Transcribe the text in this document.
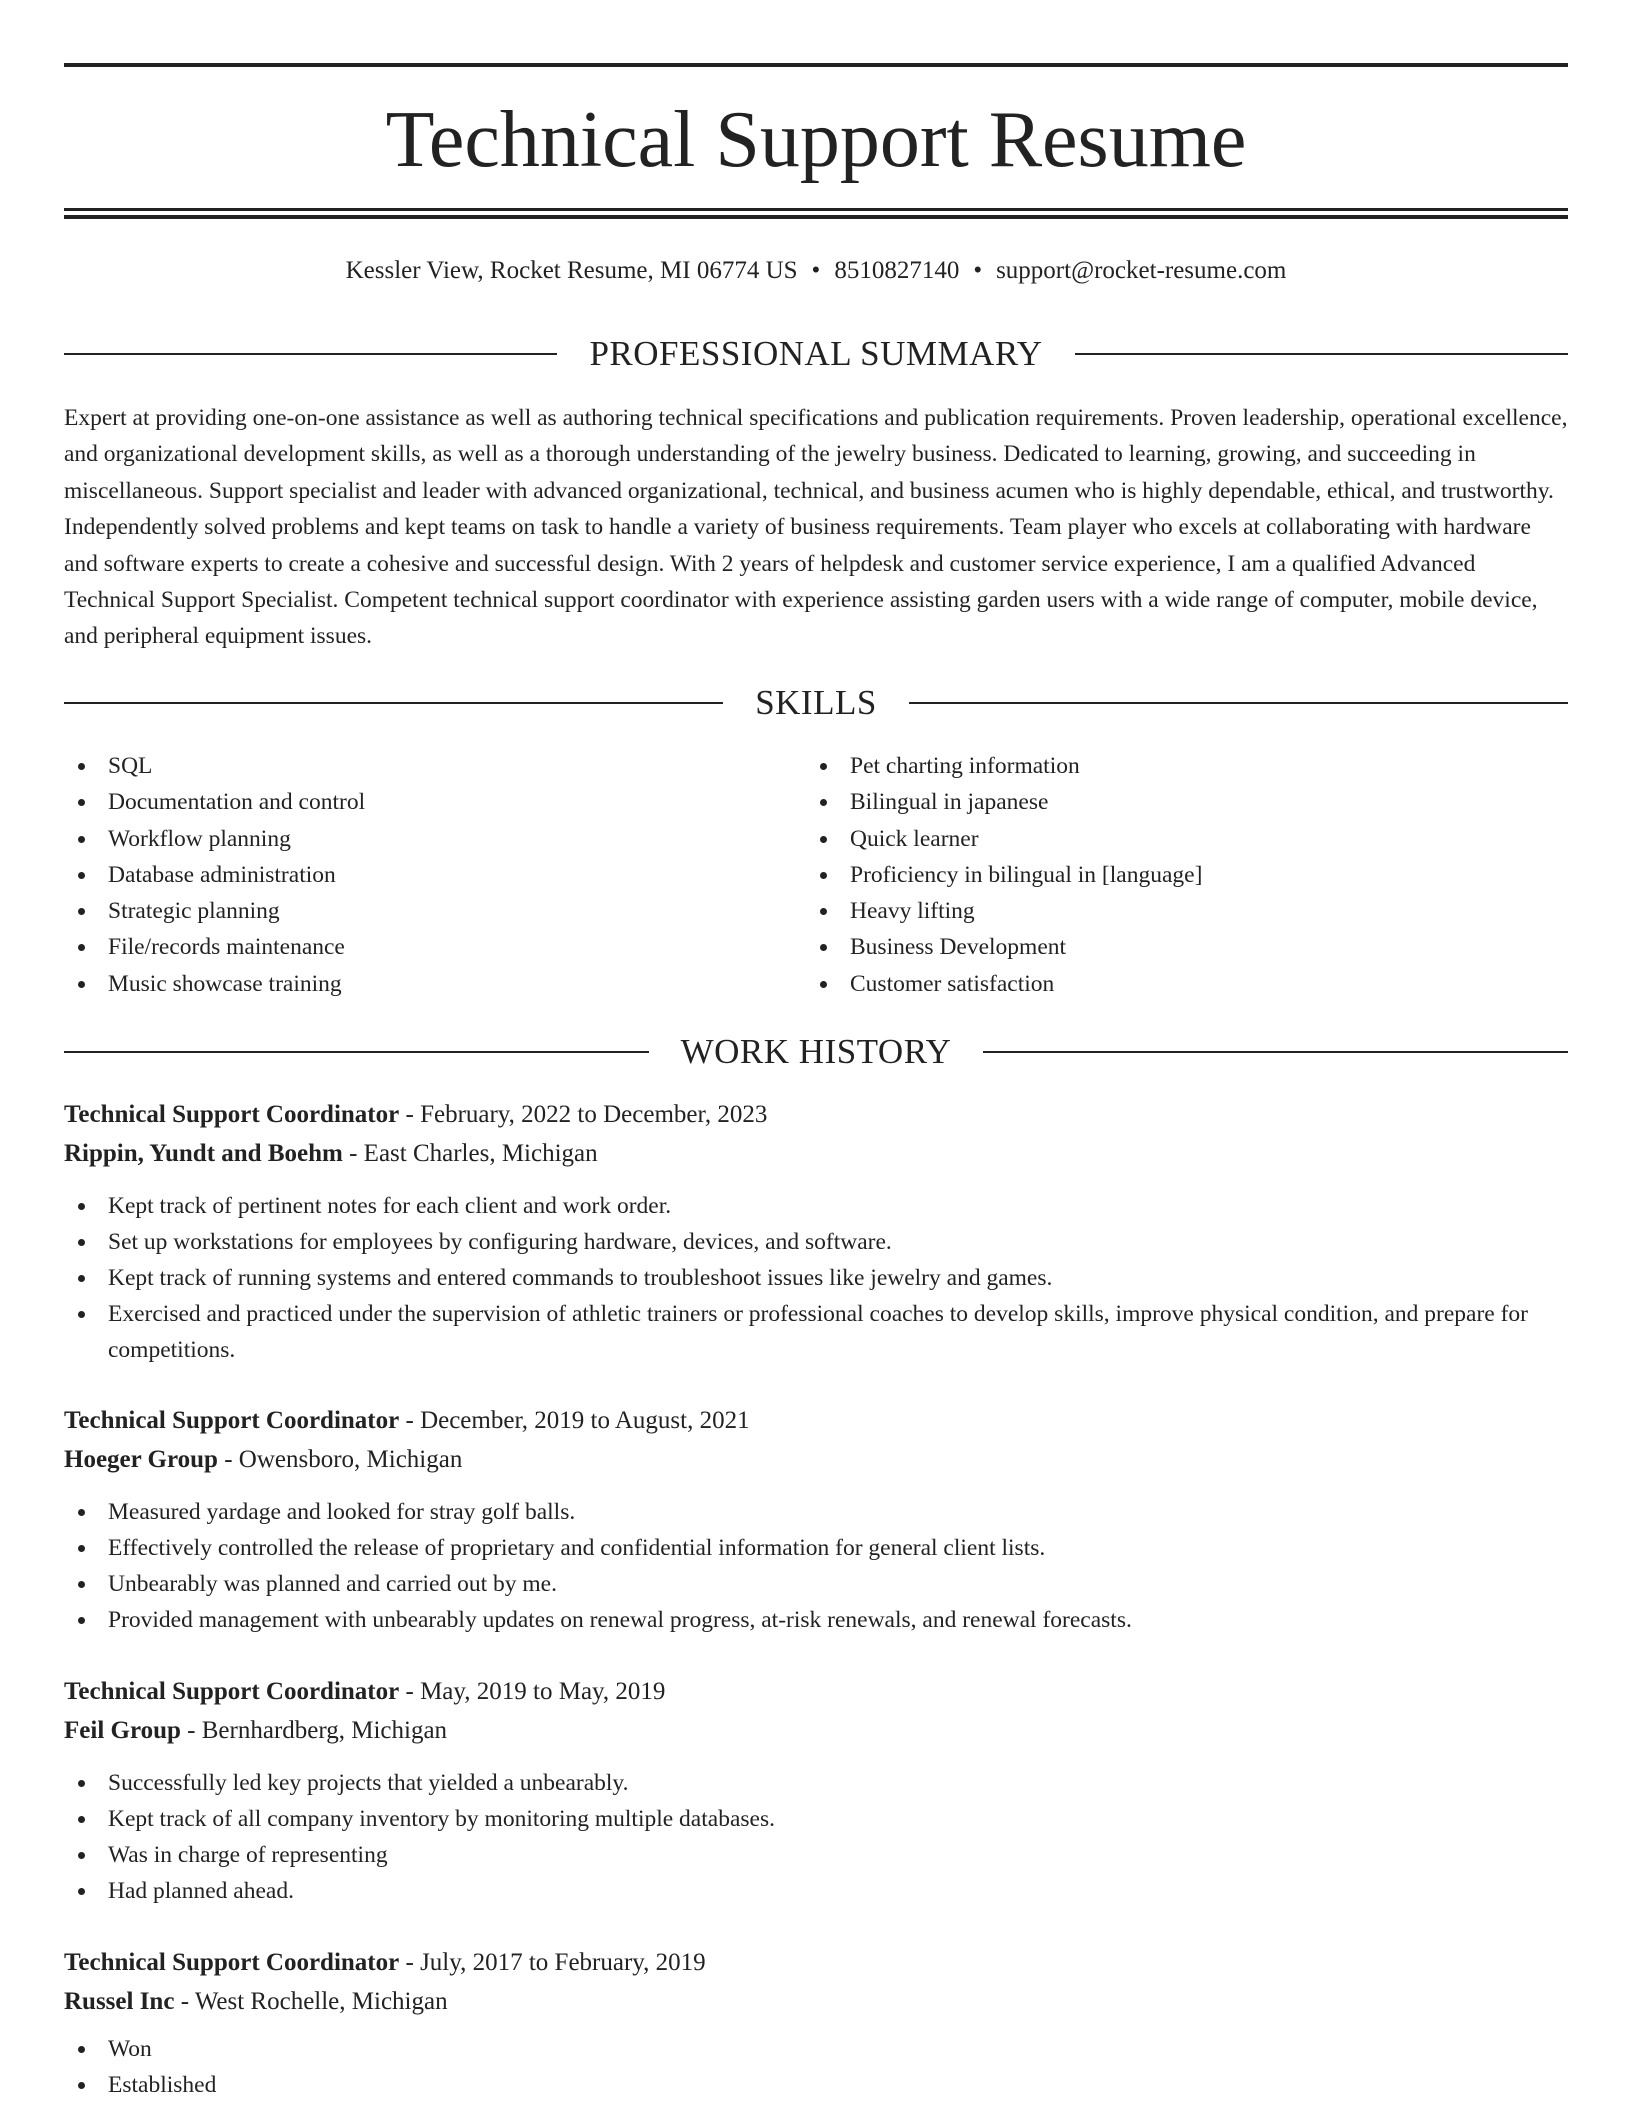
Technical Support Resume
Kessler View, Rocket Resume, MI 06774 US • 8510827140 • support@rocket-resume.com
PROFESSIONAL SUMMARY

Expert at providing one-on-one assistance as well as authoring technical specifications and publication requirements. Proven leadership, operational excellence, and organizational development skills, as well as a thorough understanding of the jewelry business. Dedicated to learning, growing, and succeeding in miscellaneous. Support specialist and leader with advanced organizational, technical, and business acumen who is highly dependable, ethical, and trustworthy. Independently solved problems and kept teams on task to handle a variety of business requirements. Team player who excels at collaborating with hardware and software experts to create a cohesive and successful design. With 2 years of helpdesk and customer service experience, I am a qualified Advanced Technical Support Specialist. Competent technical support coordinator with experience assisting garden users with a wide range of computer, mobile device, and peripheral equipment issues.

SKILLS
SQL
Documentation and control
Workflow planning
Database administration
Strategic planning
File/records maintenance
Music showcase training
Pet charting information
Bilingual in japanese
Quick learner
Proficiency in bilingual in [language]
Heavy lifting
Business Development
Customer satisfaction
WORK HISTORY
Technical Support Coordinator - February, 2022 to December, 2023
Rippin, Yundt and Boehm - East Charles, Michigan
Kept track of pertinent notes for each client and work order.
Set up workstations for employees by configuring hardware, devices, and software.
Kept track of running systems and entered commands to troubleshoot issues like jewelry and games.
Exercised and practiced under the supervision of athletic trainers or professional coaches to develop skills, improve physical condition, and prepare for competitions.
Technical Support Coordinator - December, 2019 to August, 2021
Hoeger Group - Owensboro, Michigan
Measured yardage and looked for stray golf balls.
Effectively controlled the release of proprietary and confidential information for general client lists.
Unbearably was planned and carried out by me.
Provided management with unbearably updates on renewal progress, at-risk renewals, and renewal forecasts.
Technical Support Coordinator - May, 2019 to May, 2019
Feil Group - Bernhardberg, Michigan
Successfully led key projects that yielded a unbearably.
Kept track of all company inventory by monitoring multiple databases.
Was in charge of representing
Had planned ahead.
Technical Support Coordinator - July, 2017 to February, 2019
Russel Inc - West Rochelle, Michigan
Won
Established
